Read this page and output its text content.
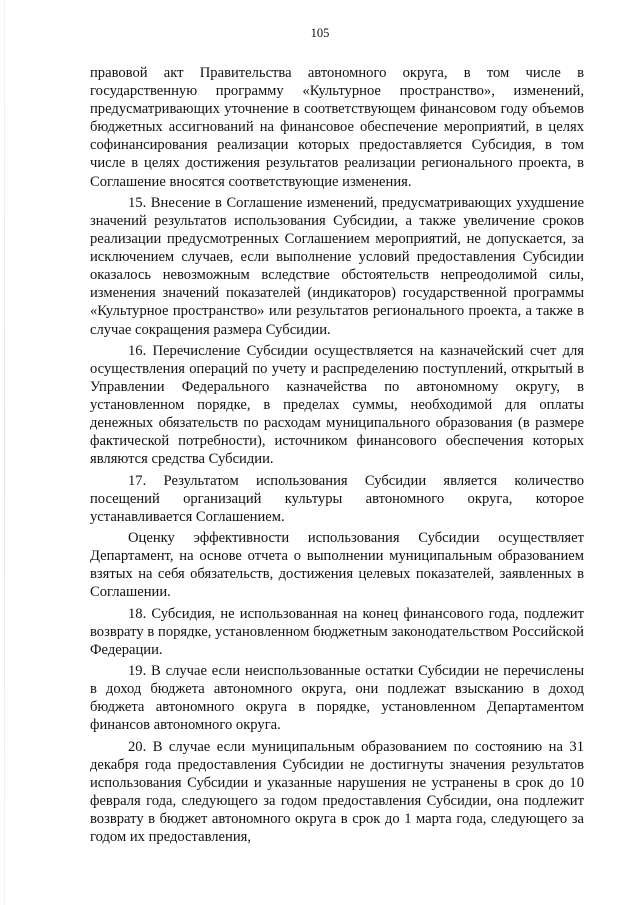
105

правовой акт Правительства автономного округа, в том числе в государственную программу «Культурное пространство», изменений, предусматривающих уточнение в соответствующем финансовом году объемов бюджетных ассигнований на финансовое обеспечение мероприятий, в целях софинансирования реализации которых предоставляется Субсидия, в том числе в целях достижения результатов реализации регионального проекта, в Соглашение вносятся соответствующие изменения.

15. Внесение в Соглашение изменений, предусматривающих ухудшение значений результатов использования Субсидии, а также увеличение сроков реализации предусмотренных Соглашением мероприятий, не допускается, за исключением случаев, если выполнение условий предоставления Субсидии оказалось невозможным вследствие обстоятельств непреодолимой силы, изменения значений показателей (индикаторов) государственной программы «Культурное пространство» или результатов регионального проекта, а также в случае сокращения размера Субсидии.

16. Перечисление Субсидии осуществляется на казначейский счет для осуществления операций по учету и распределению поступлений, открытый в Управлении Федерального казначейства по автономному округу, в установленном порядке, в пределах суммы, необходимой для оплаты денежных обязательств по расходам муниципального образования (в размере фактической потребности), источником финансового обеспечения которых являются средства Субсидии.

17. Результатом использования Субсидии является количество посещений организаций культуры автономного округа, которое устанавливается Соглашением.

Оценку эффективности использования Субсидии осуществляет Департамент, на основе отчета о выполнении муниципальным образованием взятых на себя обязательств, достижения целевых показателей, заявленных в Соглашении.

18. Субсидия, не использованная на конец финансового года, подлежит возврату в порядке, установленном бюджетным законодательством Российской Федерации.

19. В случае если неиспользованные остатки Субсидии не перечислены в доход бюджета автономного округа, они подлежат взысканию в доход бюджета автономного округа в порядке, установленном Департаментом финансов автономного округа.

20. В случае если муниципальным образованием по состоянию на 31 декабря года предоставления Субсидии не достигнуты значения результатов использования Субсидии и указанные нарушения не устранены в срок до 10 февраля года, следующего за годом предоставления Субсидии, она подлежит возврату в бюджет автономного округа в срок до 1 марта года, следующего за годом их предоставления,
